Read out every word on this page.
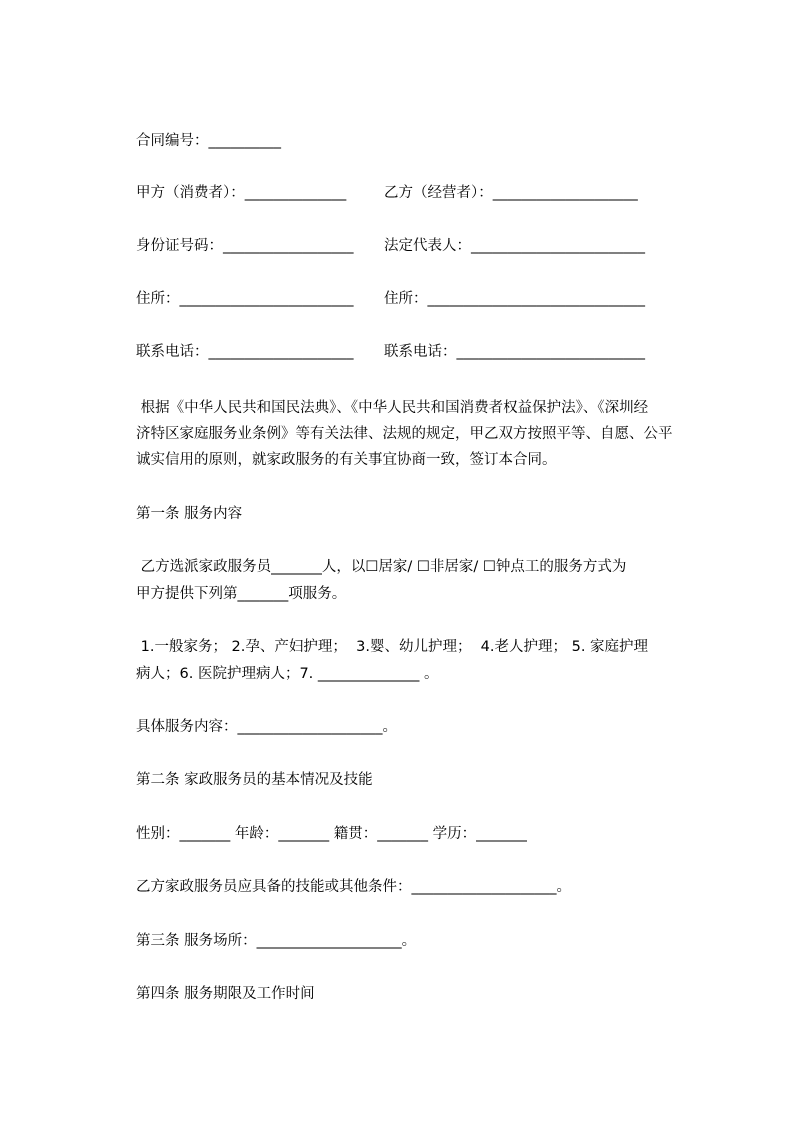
合同编号：__________
甲方（消费者）：______________	乙方（经营者）：____________________
身份证号码：__________________ 法定代表人：________________________
住所：________________________ 住所：______________________________
联系电话：____________________ 联系电话：__________________________
根据《中华人民共和国民法典》、《中华人民共和国消费者权益保护法》、《深圳经
济特区家庭服务业条例》等有关法律、法规的规定，甲乙双方按照平等、自愿、公平
诚实信用的原则，就家政服务的有关事宜协商一致，签订本合同。
第一条 服务内容
乙方选派家政服务员_______人，以☐居家/ ☐非居家/ ☐钟点工的服务方式为
甲方提供下列第_______项服务。
1.一般家务； 2.孕、产妇护理；  3.婴、幼儿护理；  4.老人护理； 5. 家庭护理
病人；6. 医院护理病人；7. ______________ 。
具体服务内容：____________________。
第二条 家政服务员的基本情况及技能
性别：_______ 年龄：_______ 籍贯：_______ 学历：_______
乙方家政服务员应具备的技能或其他条件：____________________。
第三条 服务场所：____________________。
第四条 服务期限及工作时间
